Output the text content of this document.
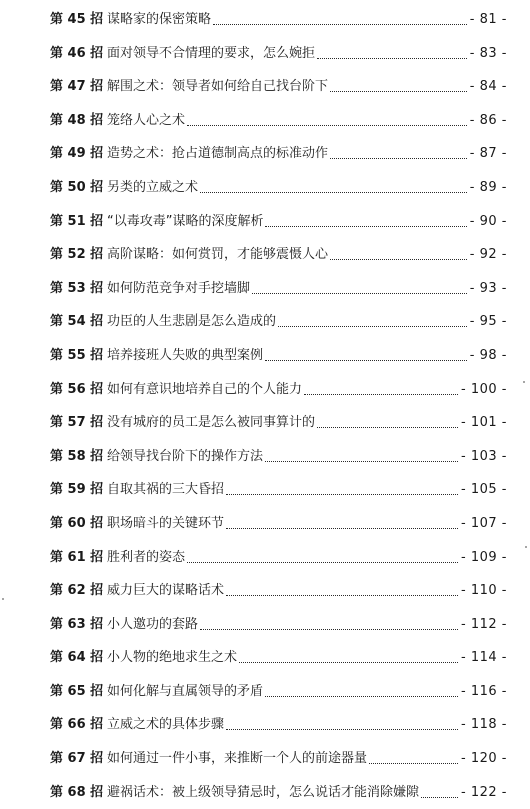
第 45 招 谋略家的保密策略	- 81 -
第 46 招 面对领导不合情理的要求，怎么婉拒	- 83 -
第 47 招 解围之术：领导者如何给自己找台阶下	- 84 -
第 48 招 笼络人心之术	- 86 -
第 49 招 造势之术：抢占道德制高点的标准动作	- 87 -
第 50 招 另类的立威之术	- 89 -
第 51 招 “以毒攻毒”谋略的深度解析	- 90 -
第 52 招 高阶谋略：如何赏罚，才能够震慑人心	- 92 -
第 53 招 如何防范竞争对手挖墙脚	- 93 -
第 54 招 功臣的人生悲剧是怎么造成的	- 95 -
第 55 招 培养接班人失败的典型案例	- 98 -
第 56 招 如何有意识地培养自己的个人能力	- 100 -
第 57 招 没有城府的员工是怎么被同事算计的	- 101 -
第 58 招 给领导找台阶下的操作方法	- 103 -
第 59 招 自取其祸的三大昏招	- 105 -
第 60 招 职场暗斗的关键环节	- 107 -
第 61 招 胜利者的姿态	- 109 -
第 62 招 威力巨大的谋略话术	- 110 -
第 63 招 小人邀功的套路	- 112 -
第 64 招 小人物的绝地求生之术	- 114 -
第 65 招 如何化解与直属领导的矛盾	- 116 -
第 66 招 立威之术的具体步骤	- 118 -
第 67 招 如何通过一件小事，来推断一个人的前途器量	- 120 -
第 68 招 避祸话术：被上级领导猜忌时，怎么说话才能消除嫌隙	- 122 -
